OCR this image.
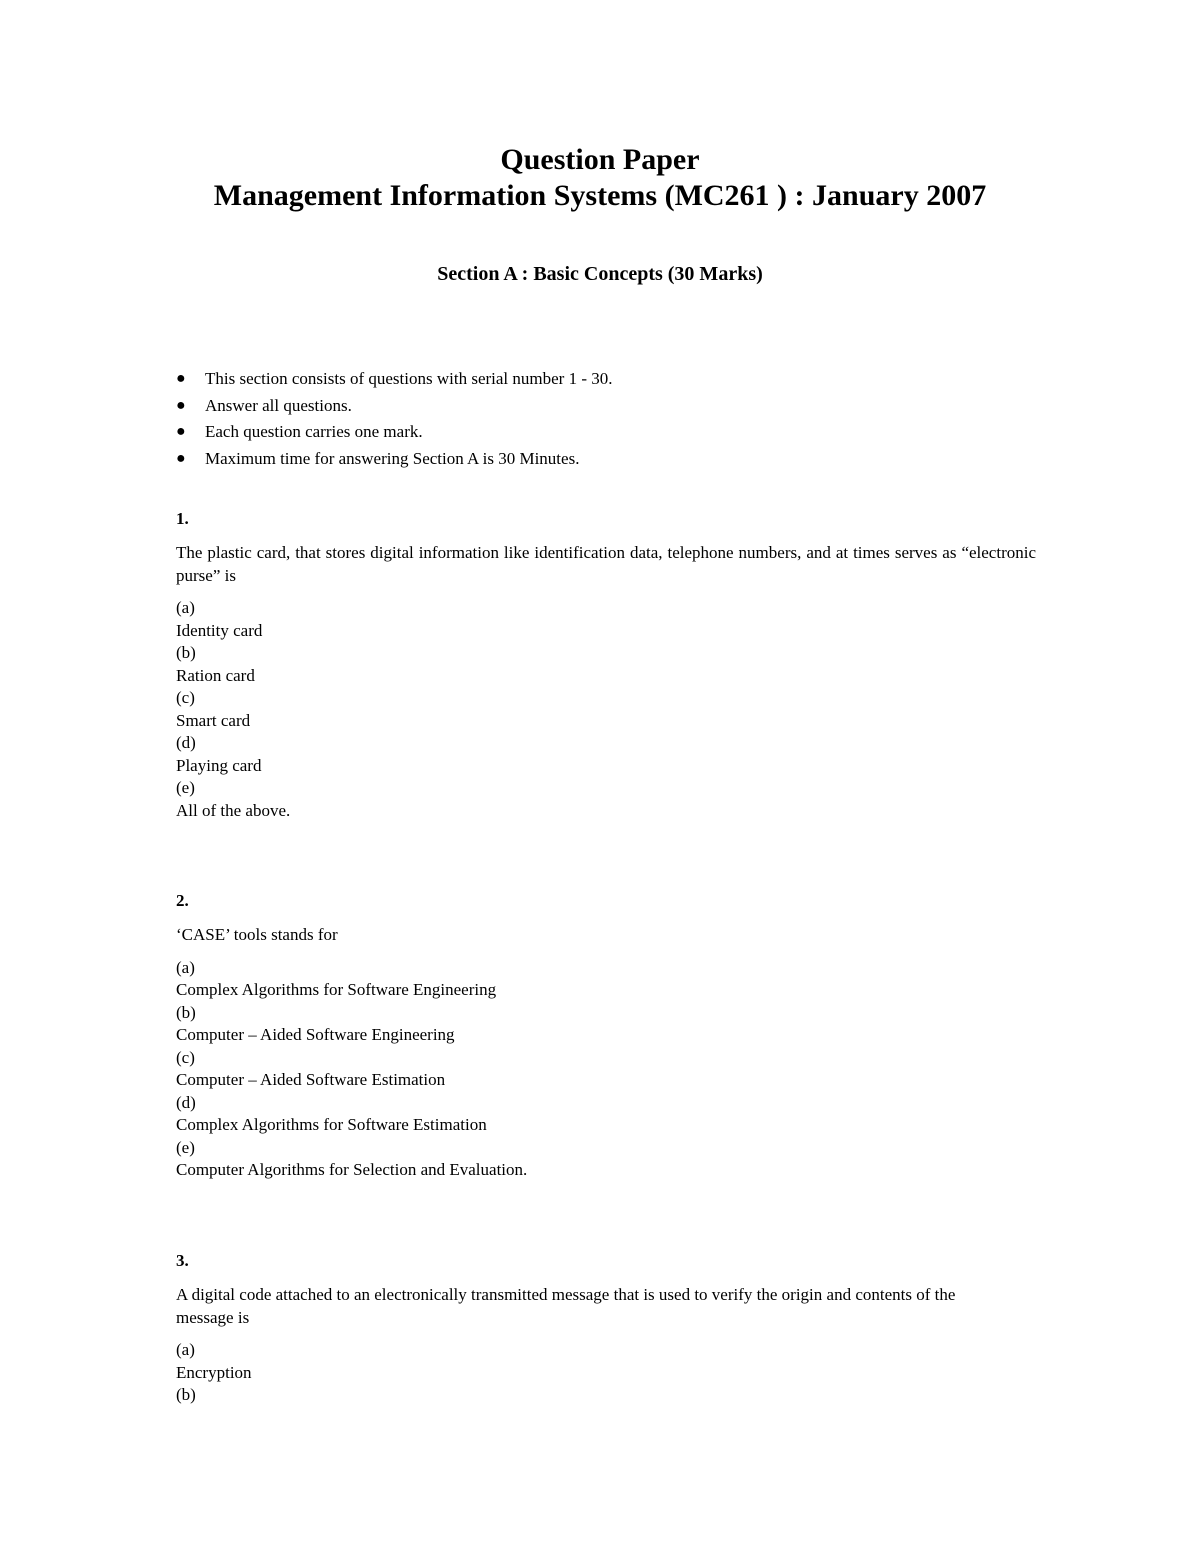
Question Paper
Management Information Systems (MC261 ) : January 2007
Section A : Basic Concepts (30 Marks)
● This section consists of questions with serial number 1 - 30.
● Answer all questions.
● Each question carries one mark.
● Maximum time for answering Section A is 30 Minutes.
1.
The plastic card, that stores digital information like identification data, telephone numbers, and at times serves as “electronic purse” is
(a)
Identity card
(b)
Ration card
(c)
Smart card
(d)
Playing card
(e)
All of the above.
2.
‘CASE’ tools stands for
(a)
Complex Algorithms for Software Engineering
(b)
Computer – Aided Software Engineering
(c)
Computer – Aided Software Estimation
(d)
Complex Algorithms for Software Estimation
(e)
Computer Algorithms for Selection and Evaluation.
3.
A digital code attached to an electronically transmitted message that is used to verify the origin and contents of the message is
(a)
Encryption
(b)
